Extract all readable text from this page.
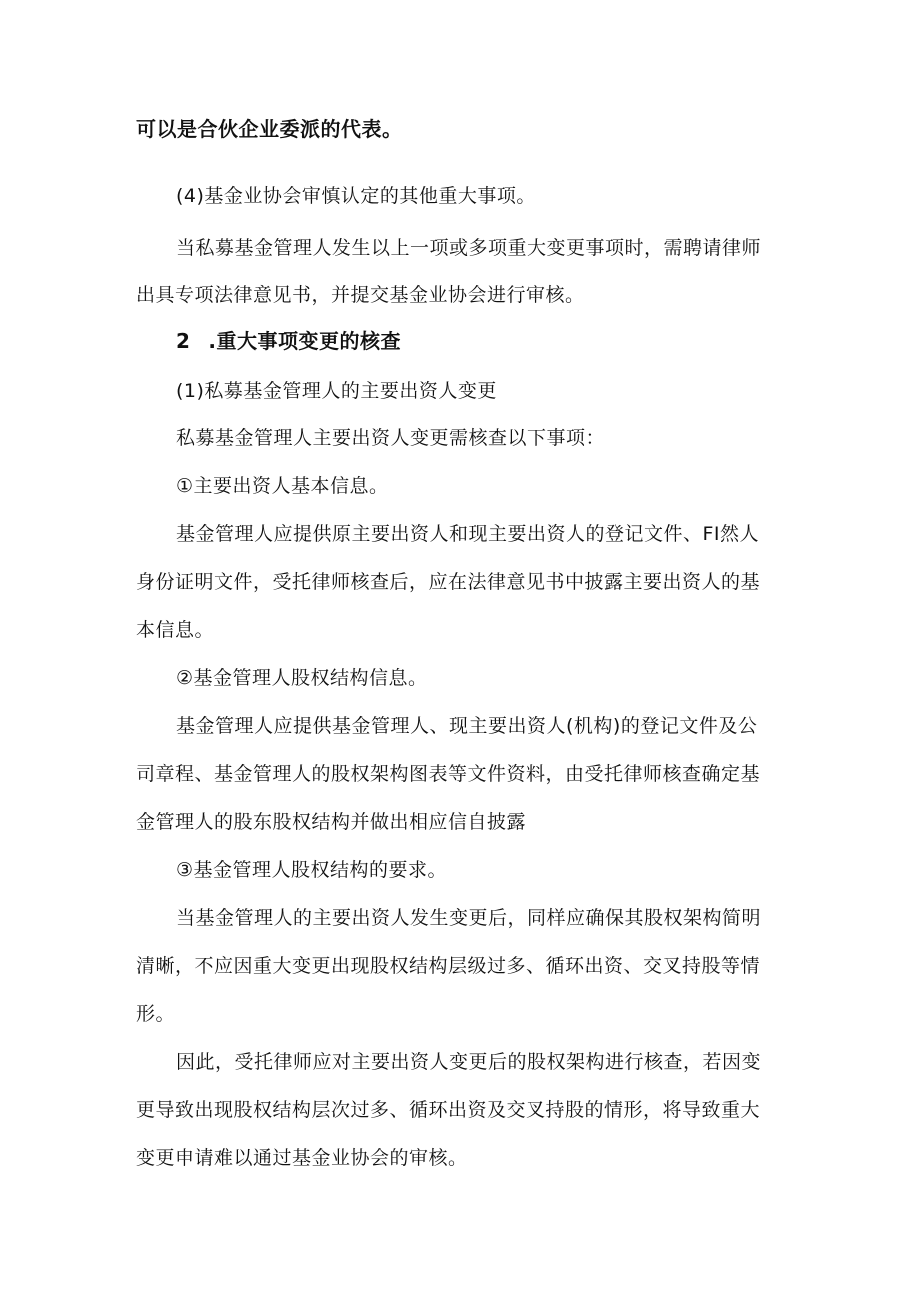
可以是合伙企业委派的代表。
(4)基金业协会审慎认定的其他重大事项。
当私募基金管理人发生以上一项或多项重大变更事项时，需聘请律师
出具专项法律意见书，并提交基金业协会进行审核。
2 .重大事项变更的核查
(1)私募基金管理人的主要出资人变更
私募基金管理人主要出资人变更需核查以下事项：
①主要出资人基本信息。
基金管理人应提供原主要出资人和现主要出资人的登记文件、FI然人
身份证明文件，受托律师核查后，应在法律意见书中披露主要出资人的基
本信息。
②基金管理人股权结构信息。
基金管理人应提供基金管理人、现主要出资人(机构)的登记文件及公
司章程、基金管理人的股权架构图表等文件资料，由受托律师核查确定基
金管理人的股东股权结构并做出相应信自披露
③基金管理人股权结构的要求。
当基金管理人的主要出资人发生变更后，同样应确保其股权架构简明
清晰，不应因重大变更出现股权结构层级过多、循环出资、交叉持股等情
形。
因此，受托律师应对主要出资人变更后的股权架构进行核查，若因变
更导致出现股权结构层次过多、循环出资及交叉持股的情形，将导致重大
变更申请难以通过基金业协会的审核。
